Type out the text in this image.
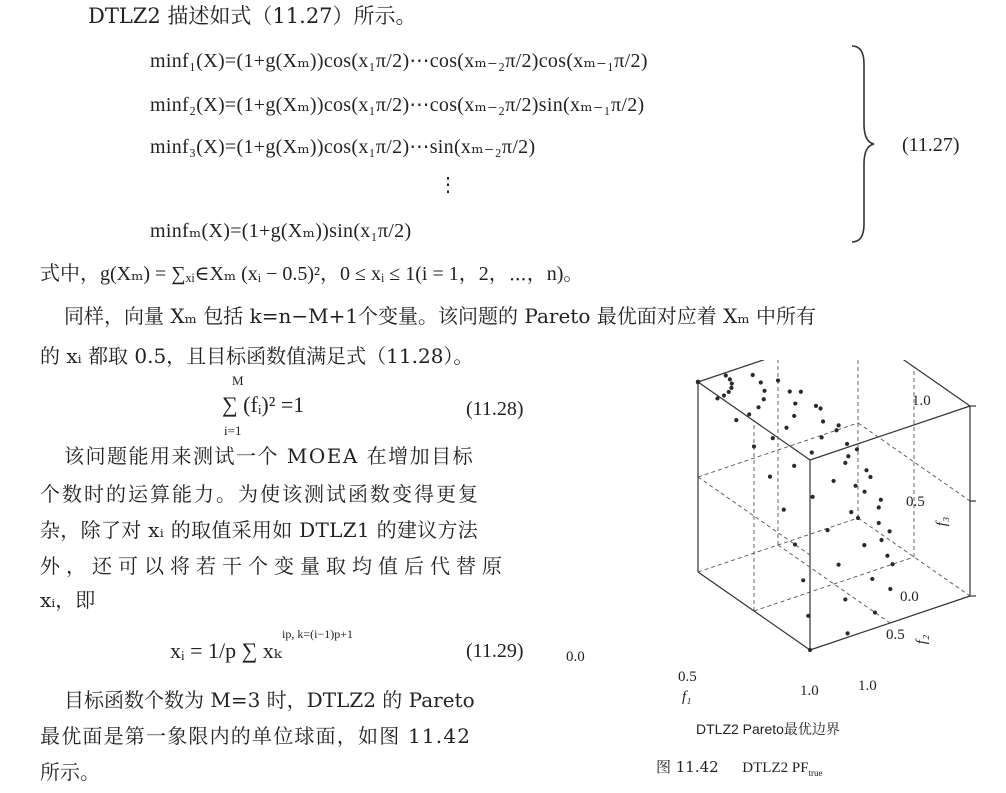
DTLZ2 描述如式（11.27）所示。
minf₁(X)=(1+g(Xₘ))cos(x₁π/2)⋯cos(xₘ₋₂π/2)cos(xₘ₋₁π/2)
minf₂(X)=(1+g(Xₘ))cos(x₁π/2)⋯cos(xₘ₋₂π/2)sin(xₘ₋₁π/2)
minf₃(X)=(1+g(Xₘ))cos(x₁π/2)⋯sin(xₘ₋₂π/2)
⋮
minfₘ(X)=(1+g(Xₘ))sin(x₁π/2)
(11.27)
式中，g(Xₘ) = ∑ₓᵢ∈Xₘ (xᵢ − 0.5)²，0 ≤ xᵢ ≤ 1(i = 1，2，⋯，n)。
同样，向量 Xₘ 包括 k=n−M+1个变量。该问题的 Pareto 最优面对应着 Xₘ 中所有
的 xᵢ 都取 0.5，且目标函数值满足式（11.28）。
M
∑ (fᵢ)² =1
i=1
(11.28)
该问题能用来测试一个 MOEA 在增加目标
个数时的运算能力。为使该测试函数变得更复
杂，除了对 xᵢ 的取值采用如 DTLZ1 的建议方法
外，还可以将若干个变量取均值后代替原
xᵢ，即
xᵢ = 1/p ∑ xₖ
ip, k=(i−1)p+1
(11.29)
目标函数个数为 M=3 时，DTLZ2 的 Pareto
最优面是第一象限内的单位球面，如图 11.42
所示。
1.0
0.5
0.0
f₃
0.5
1.0
f₂
0.0
0.5
1.0
f₁
DTLZ2 Pareto最优边界
图 11.42 DTLZ2 $PF_{true}$
